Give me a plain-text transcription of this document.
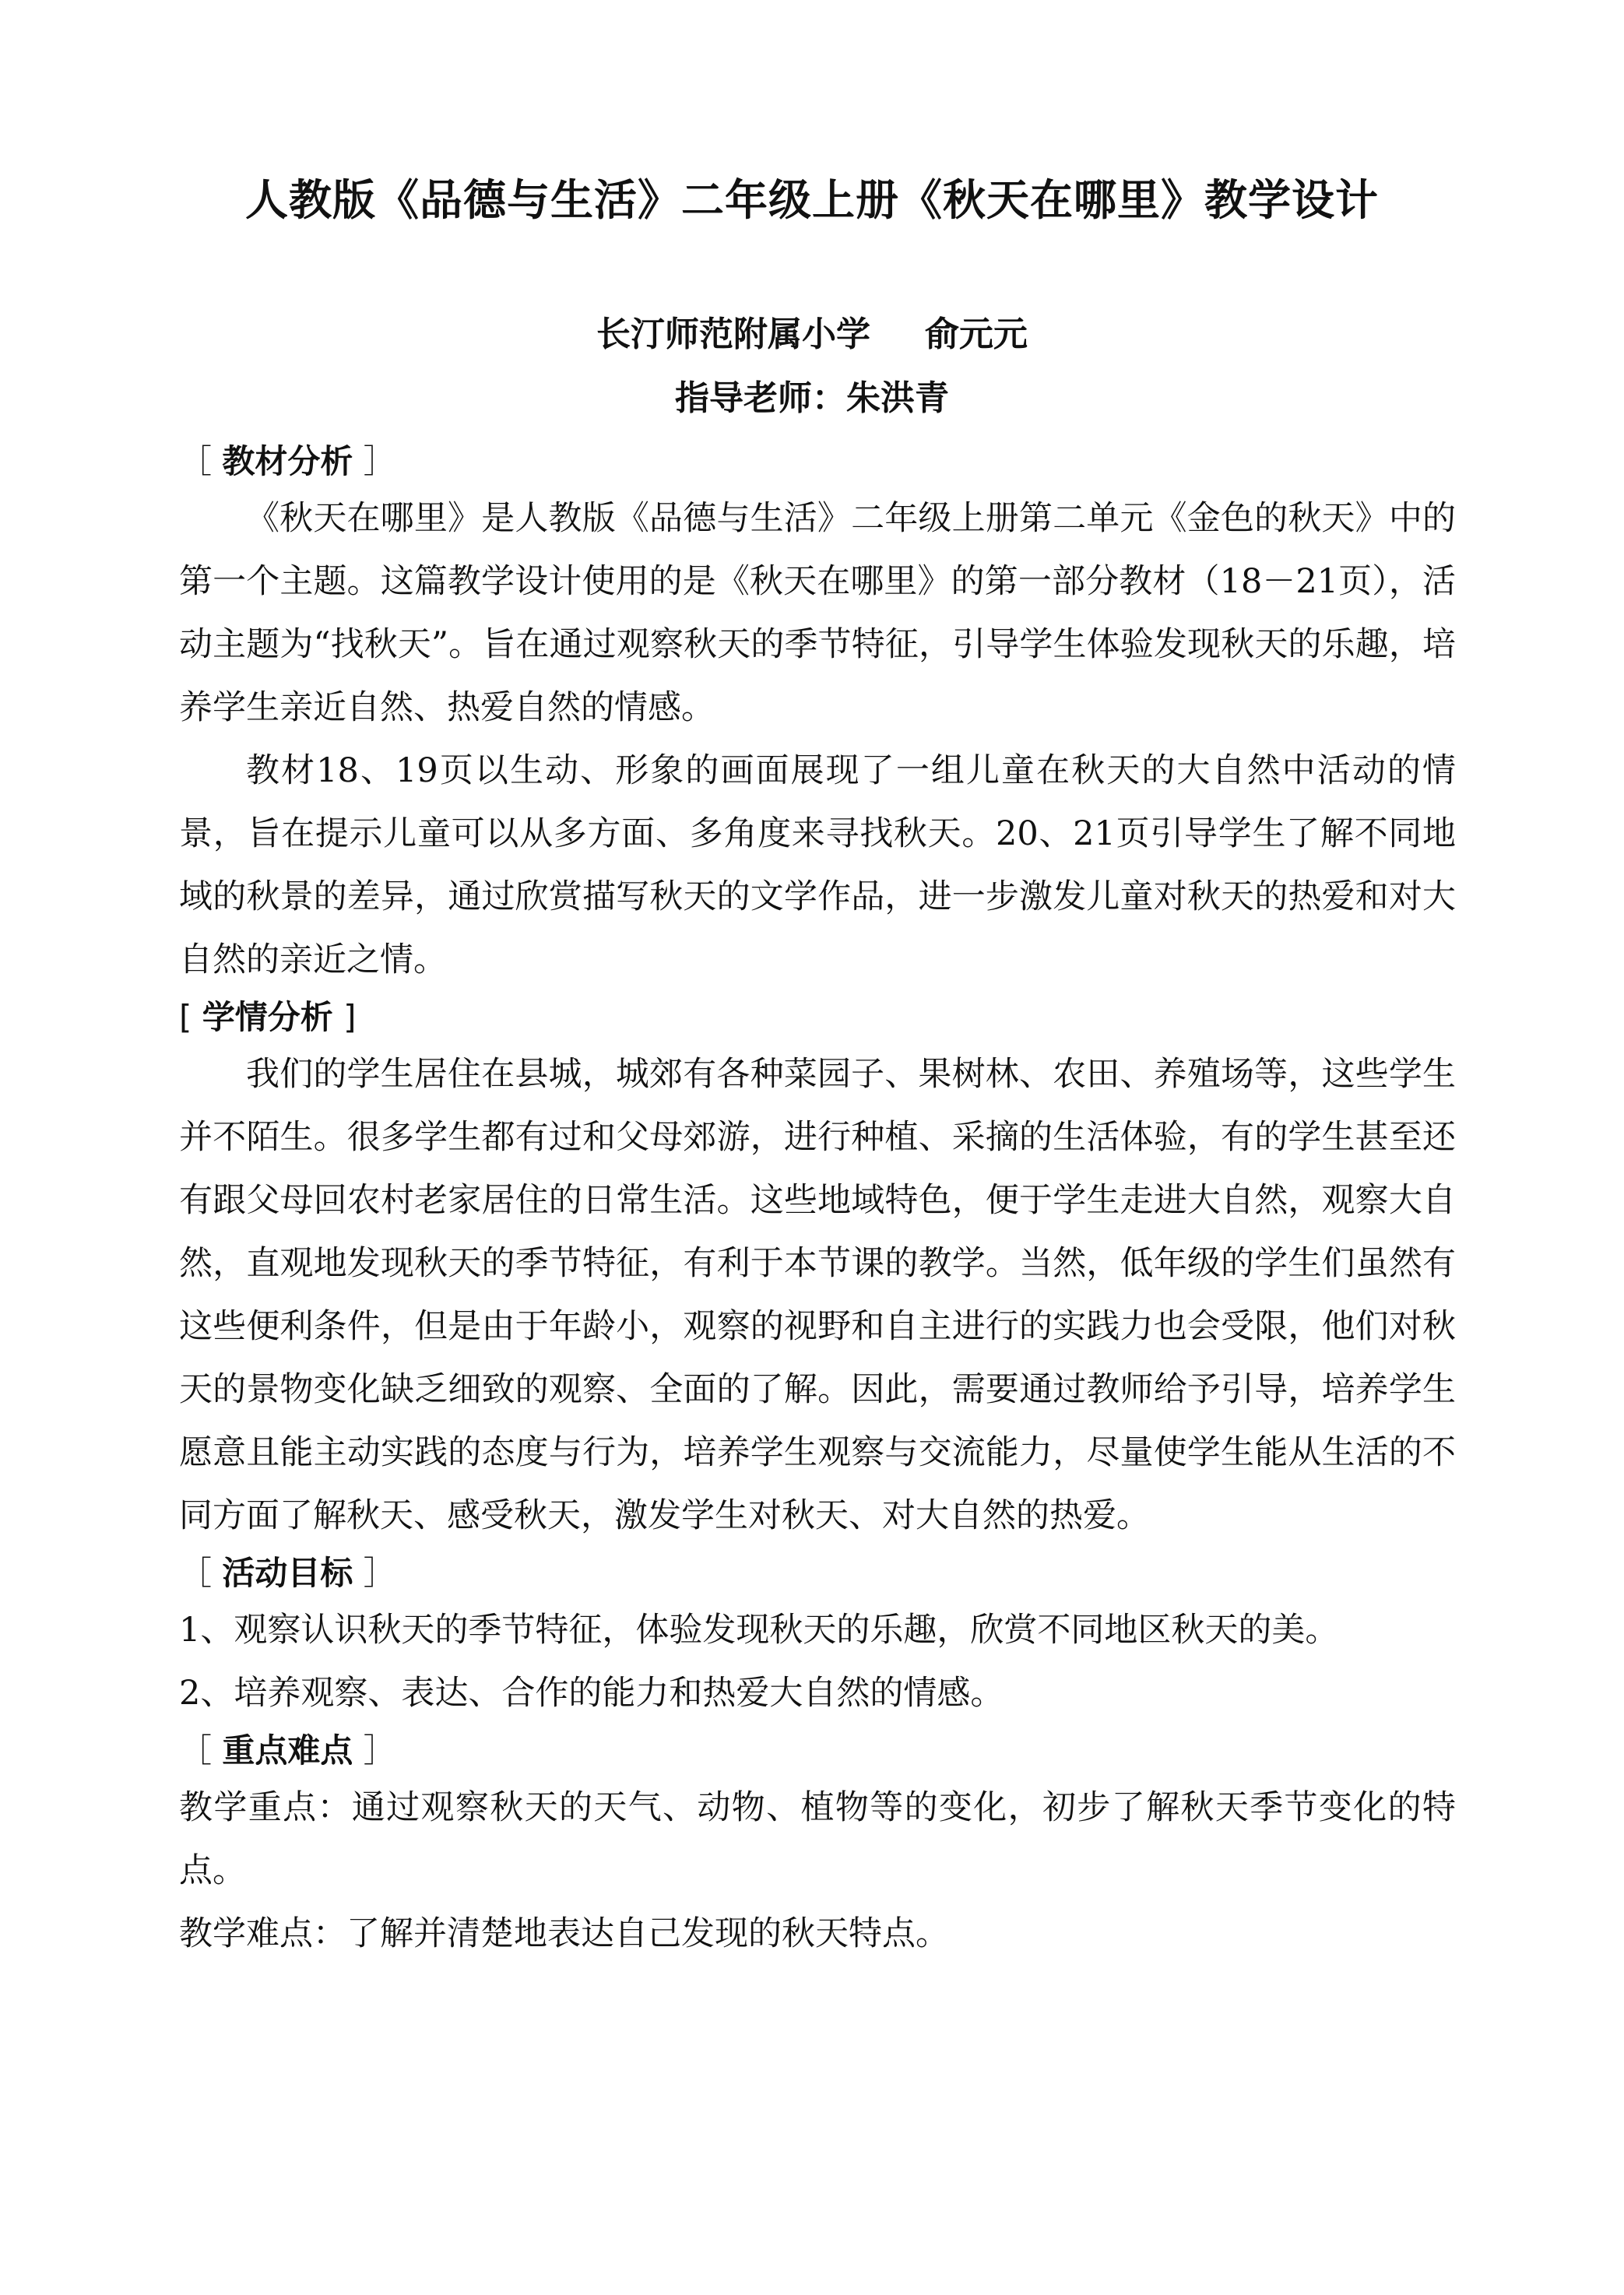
人教版《品德与生活》二年级上册《秋天在哪里》教学设计
长汀师范附属小学 俞元元
指导老师：朱洪青
［ 教材分析 ］

《秋天在哪里》是人教版《品德与生活》二年级上册第二单元《金色的秋天》中的第一个主题。这篇教学设计使用的是《秋天在哪里》的第一部分教材（18－21页），活动主题为“找秋天”。旨在通过观察秋天的季节特征，引导学生体验发现秋天的乐趣，培养学生亲近自然、热爱自然的情感。

教材18、19页以生动、形象的画面展现了一组儿童在秋天的大自然中活动的情景，旨在提示儿童可以从多方面、多角度来寻找秋天。20、21页引导学生了解不同地域的秋景的差异，通过欣赏描写秋天的文学作品，进一步激发儿童对秋天的热爱和对大自然的亲近之情。

[ 学情分析 ]

我们的学生居住在县城，城郊有各种菜园子、果树林、农田、养殖场等，这些学生并不陌生。很多学生都有过和父母郊游，进行种植、采摘的生活体验，有的学生甚至还有跟父母回农村老家居住的日常生活。这些地域特色，便于学生走进大自然，观察大自然，直观地发现秋天的季节特征，有利于本节课的教学。当然，低年级的学生们虽然有这些便利条件，但是由于年龄小，观察的视野和自主进行的实践力也会受限，他们对秋天的景物变化缺乏细致的观察、全面的了解。因此，需要通过教师给予引导，培养学生愿意且能主动实践的态度与行为，培养学生观察与交流能力，尽量使学生能从生活的不同方面了解秋天、感受秋天，激发学生对秋天、对大自然的热爱。

［ 活动目标 ］

1、观察认识秋天的季节特征，体验发现秋天的乐趣，欣赏不同地区秋天的美。

2、培养观察、表达、合作的能力和热爱大自然的情感。

［ 重点难点 ］

教学重点：通过观察秋天的天气、动物、植物等的变化，初步了解秋天季节变化的特点。

教学难点：了解并清楚地表达自己发现的秋天特点。
